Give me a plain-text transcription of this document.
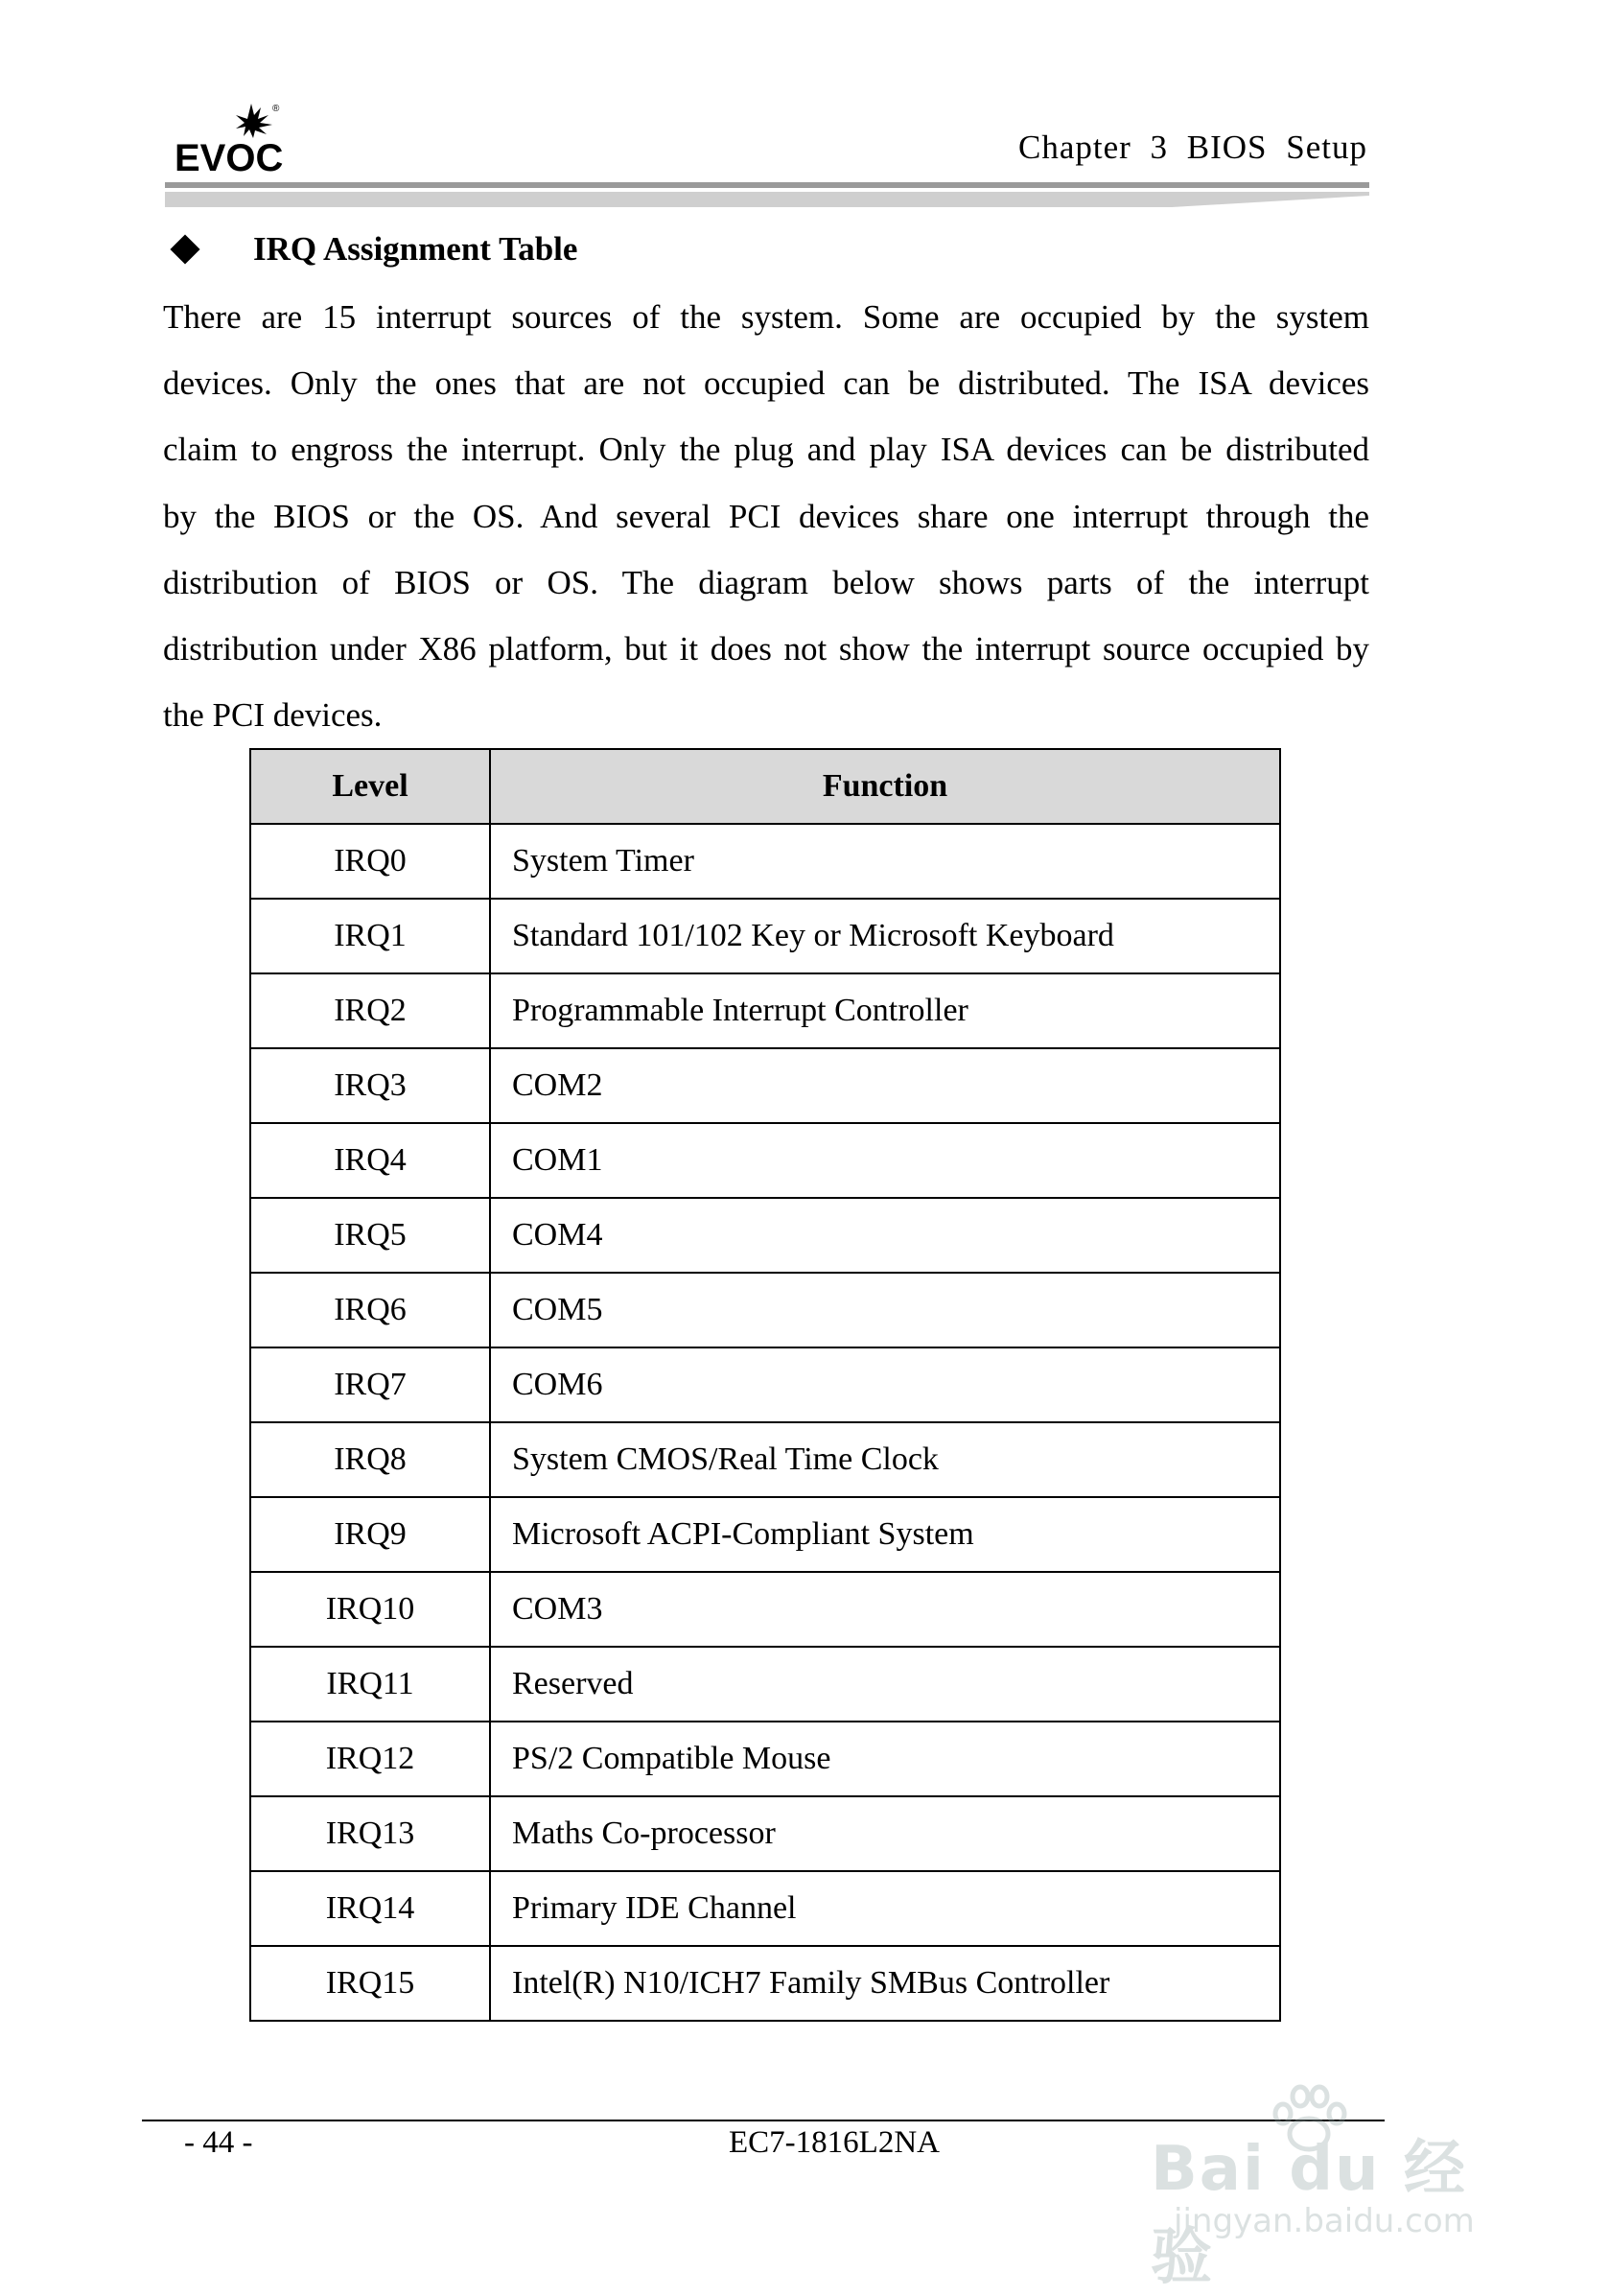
EVOC
®
Chapter 3 BIOS Setup
IRQ Assignment Table
There are 15 interrupt sources of the system. Some are occupied by the system
devices. Only the ones that are not occupied can be distributed. The ISA devices
claim to engross the interrupt. Only the plug and play ISA devices can be distributed
by the BIOS or the OS. And several PCI devices share one interrupt through the
distribution of BIOS or OS. The diagram below shows parts of the interrupt
distribution under X86 platform, but it does not show the interrupt source occupied by
the PCI devices.
Level	Function
IRQ0	System Timer
IRQ1	Standard 101/102 Key or Microsoft Keyboard
IRQ2	Programmable Interrupt Controller
IRQ3	COM2
IRQ4	COM1
IRQ5	COM4
IRQ6	COM5
IRQ7	COM6
IRQ8	System CMOS/Real Time Clock
IRQ9	Microsoft ACPI-Compliant System
IRQ10	COM3
IRQ11	Reserved
IRQ12	PS/2 Compatible Mouse
IRQ13	Maths Co-processor
IRQ14	Primary IDE Channel
IRQ15	Intel(R) N10/ICH7 Family SMBus Controller
- 44 -	EC7-1816L2NA	Bai du 经验
jingyan.baidu.com
